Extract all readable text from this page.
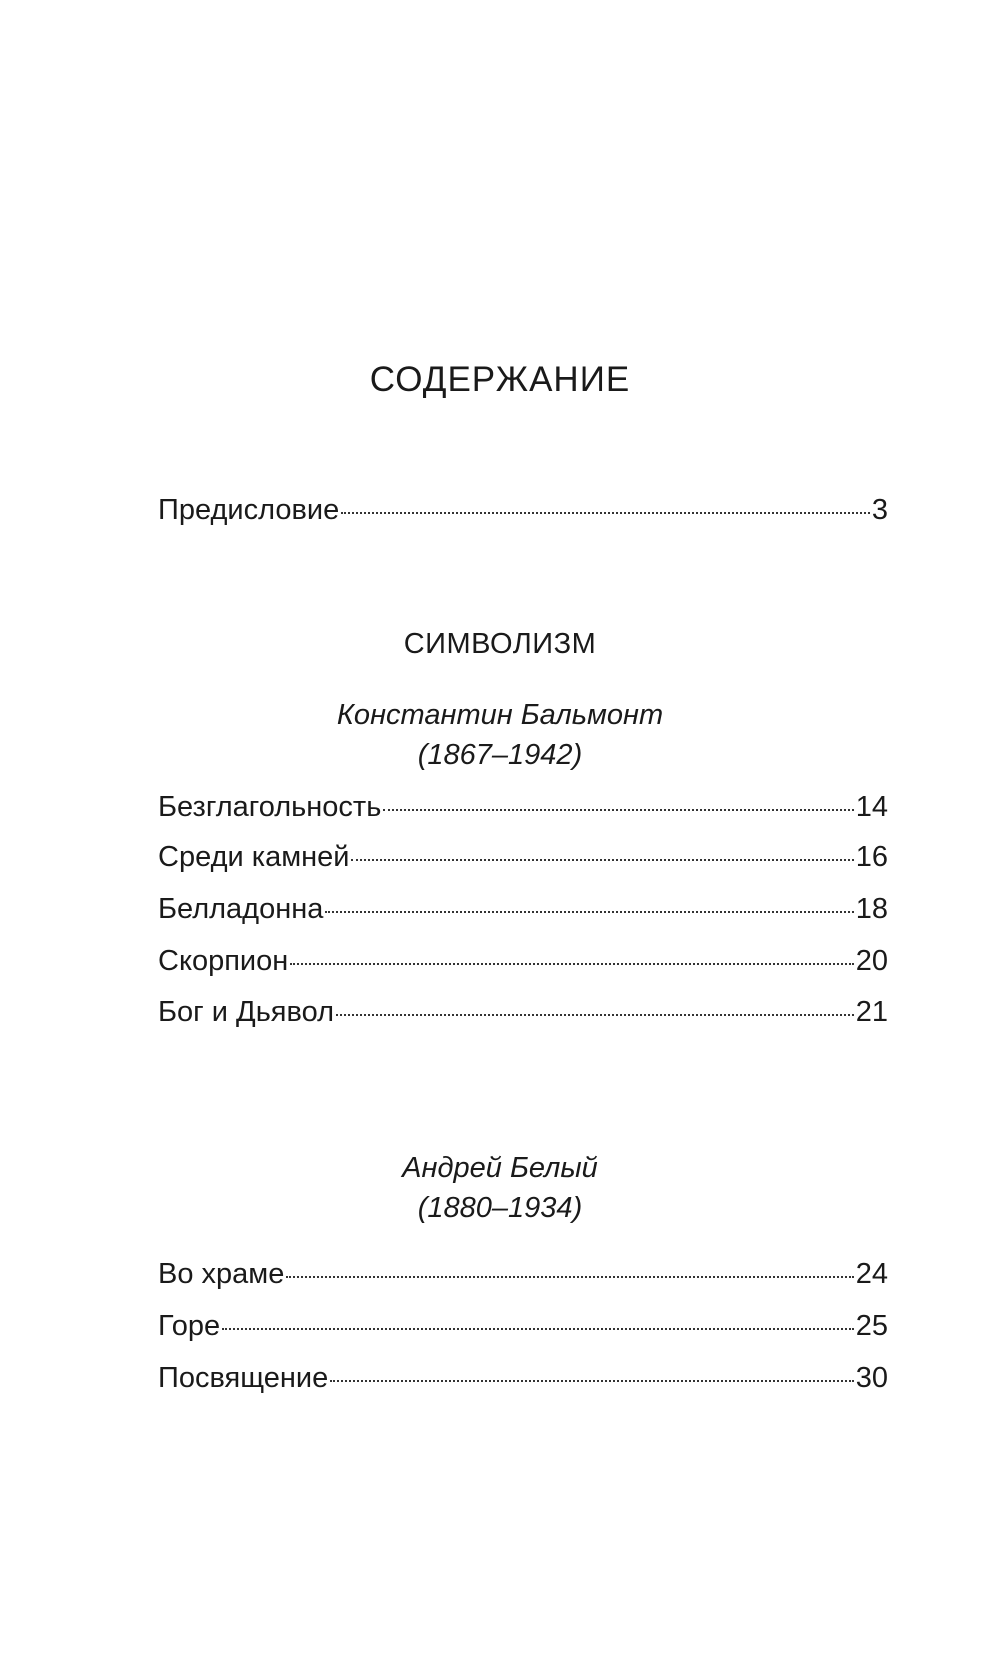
СОДЕРЖАНИЕ
Предисловие	3
СИМВОЛИЗМ
Константин Бальмонт
(1867–1942)
Безглагольность	14
Среди камней	16
Белладонна	18
Скорпион	20
Бог и Дьявол	21
Андрей Белый
(1880–1934)
Во храме	24
Горе	25
Посвящение	30
